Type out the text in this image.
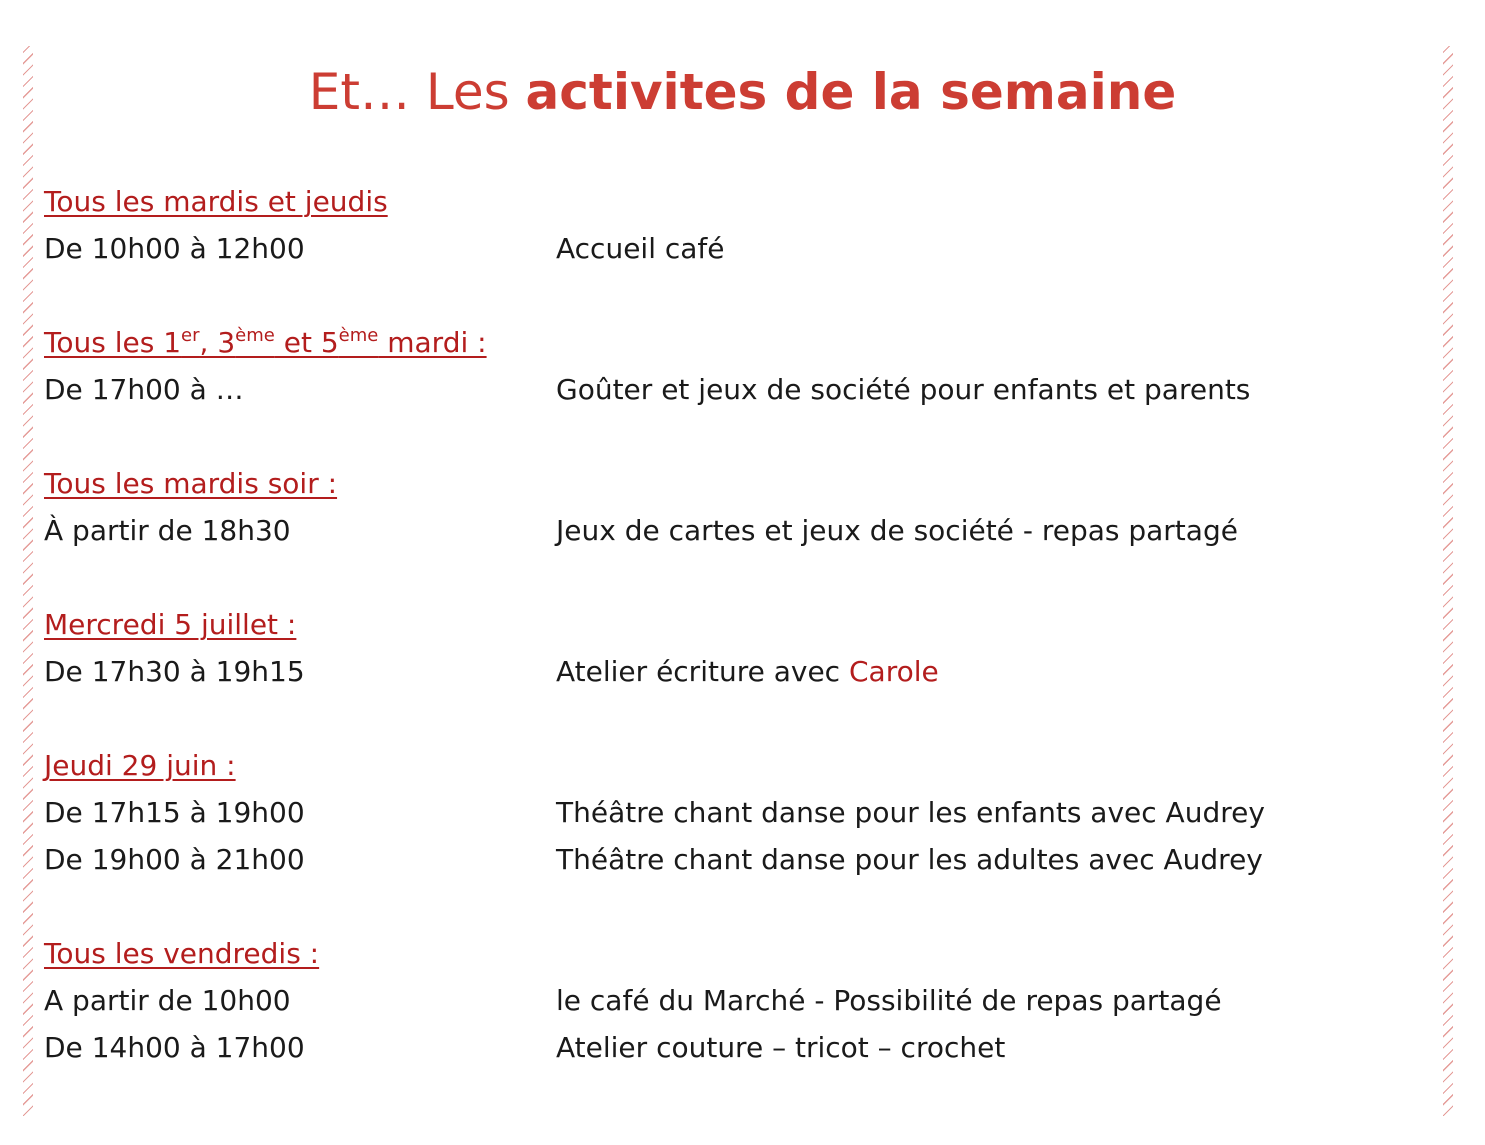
Et… Les activites de la semaine
Tous les mardis et jeudis
De 10h00 à 12h00	Accueil café
Tous les 1er, 3ème et 5ème mardi :
De 17h00 à …	Goûter et jeux de société pour enfants et parents
Tous les mardis soir :
À partir de 18h30	Jeux de cartes et jeux de société - repas partagé
Mercredi 5 juillet :
De 17h30 à 19h15	Atelier écriture avec Carole
Jeudi 29 juin :
De 17h15 à 19h00	Théâtre chant danse pour les enfants avec Audrey
De 19h00 à 21h00	Théâtre chant danse pour les adultes avec Audrey
Tous les vendredis :
A partir de 10h00	le café du Marché - Possibilité de repas partagé
De 14h00 à 17h00	Atelier couture – tricot – crochet
